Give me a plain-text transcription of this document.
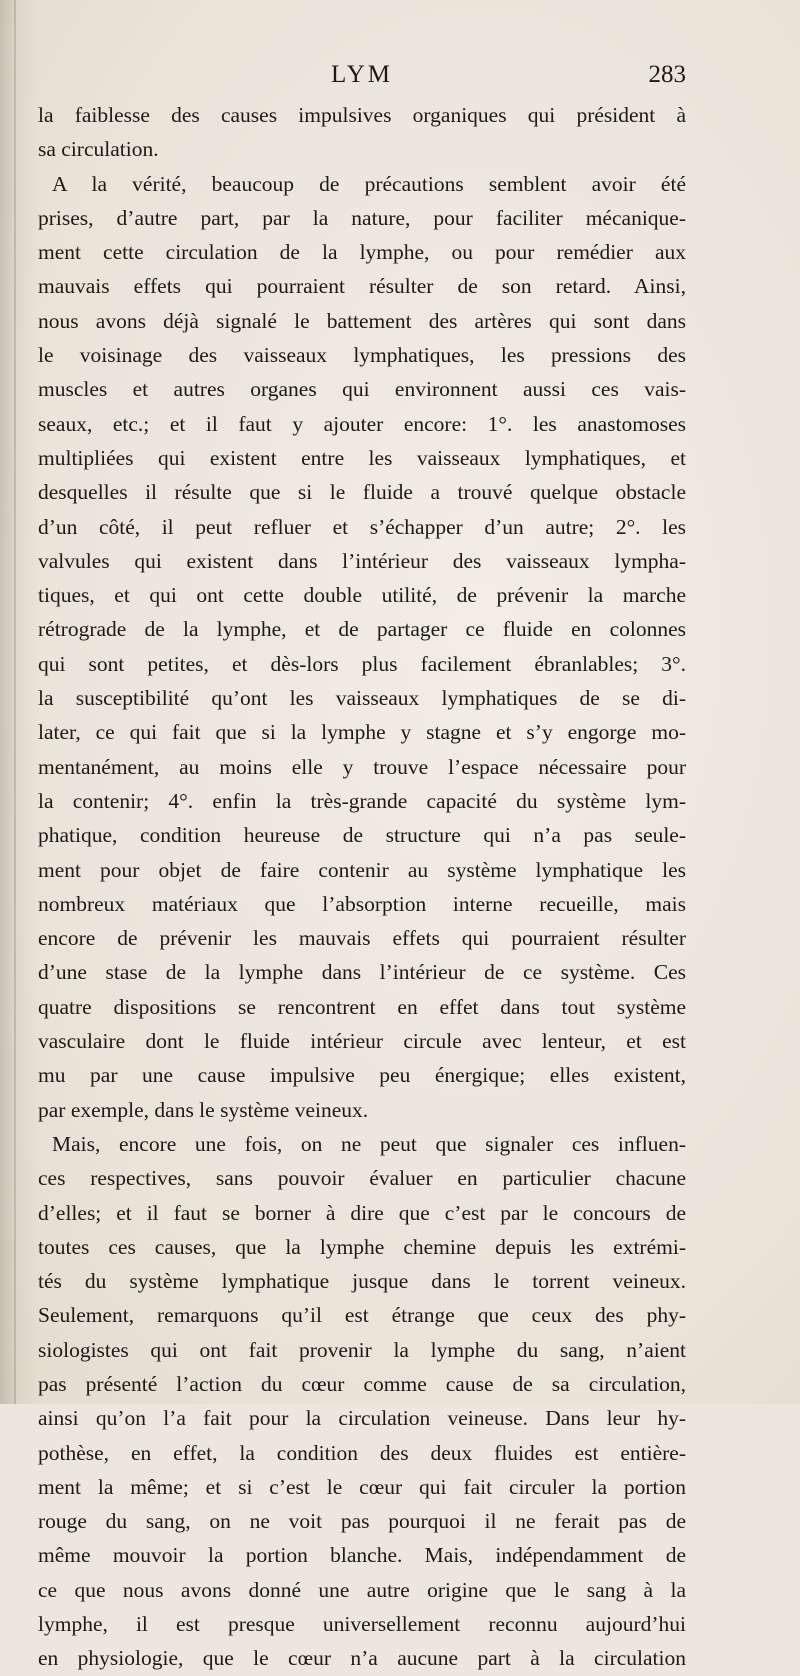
LYM	283
la faiblesse des causes impulsives organiques qui président à
sa circulation.
A la vérité, beaucoup de précautions semblent avoir été
prises, d’autre part, par la nature, pour faciliter mécanique-
ment cette circulation de la lymphe, ou pour remédier aux
mauvais effets qui pourraient résulter de son retard. Ainsi,
nous avons déjà signalé le battement des artères qui sont dans
le voisinage des vaisseaux lymphatiques, les pressions des
muscles et autres organes qui environnent aussi ces vais-
seaux, etc.; et il faut y ajouter encore: 1°. les anastomoses
multipliées qui existent entre les vaisseaux lymphatiques, et
desquelles il résulte que si le fluide a trouvé quelque obstacle
d’un côté, il peut refluer et s’échapper d’un autre; 2°. les
valvules qui existent dans l’intérieur des vaisseaux lympha-
tiques, et qui ont cette double utilité, de prévenir la marche
rétrograde de la lymphe, et de partager ce fluide en colonnes
qui sont petites, et dès-lors plus facilement ébranlables; 3°.
la susceptibilité qu’ont les vaisseaux lymphatiques de se di-
later, ce qui fait que si la lymphe y stagne et s’y engorge mo-
mentanément, au moins elle y trouve l’espace nécessaire pour
la contenir; 4°. enfin la très-grande capacité du système lym-
phatique, condition heureuse de structure qui n’a pas seule-
ment pour objet de faire contenir au système lymphatique les
nombreux matériaux que l’absorption interne recueille, mais
encore de prévenir les mauvais effets qui pourraient résulter
d’une stase de la lymphe dans l’intérieur de ce système. Ces
quatre dispositions se rencontrent en effet dans tout système
vasculaire dont le fluide intérieur circule avec lenteur, et est
mu par une cause impulsive peu énergique; elles existent,
par exemple, dans le système veineux.
Mais, encore une fois, on ne peut que signaler ces influen-
ces respectives, sans pouvoir évaluer en particulier chacune
d’elles; et il faut se borner à dire que c’est par le concours de
toutes ces causes, que la lymphe chemine depuis les extrémi-
tés du système lymphatique jusque dans le torrent veineux.
Seulement, remarquons qu’il est étrange que ceux des phy-
siologistes qui ont fait provenir la lymphe du sang, n’aient
pas présenté l’action du cœur comme cause de sa circulation,
ainsi qu’on l’a fait pour la circulation veineuse. Dans leur hy-
pothèse, en effet, la condition des deux fluides est entière-
ment la même; et si c’est le cœur qui fait circuler la portion
rouge du sang, on ne voit pas pourquoi il ne ferait pas de
même mouvoir la portion blanche. Mais, indépendamment de
ce que nous avons donné une autre origine que le sang à la
lymphe, il est presque universellement reconnu aujourd’hui
en physiologie, que le cœur n’a aucune part à la circulation
